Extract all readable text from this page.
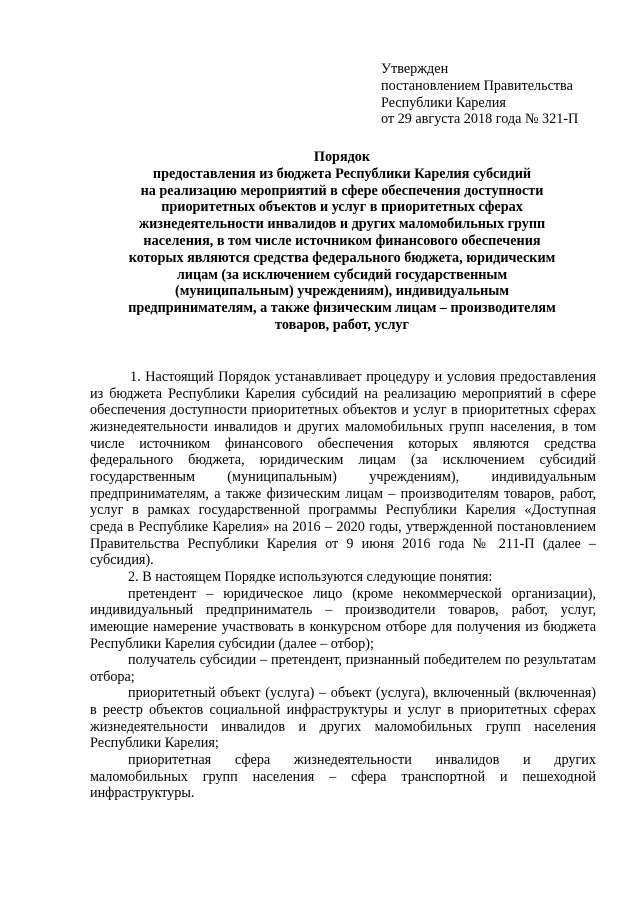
Утвержден
постановлением Правительства
Республики Карелия
от 29 августа 2018 года № 321-П
Порядок
предоставления из бюджета Республики Карелия субсидий
на реализацию мероприятий в сфере обеспечения доступности
приоритетных объектов и услуг в приоритетных сферах
жизнедеятельности инвалидов и других маломобильных групп
населения, в том числе источником финансового обеспечения
которых являются средства федерального бюджета, юридическим
лицам (за исключением субсидий государственным
(муниципальным) учреждениям), индивидуальным
предпринимателям, а также физическим лицам – производителям
товаров, работ, услуг

1. Настоящий Порядок устанавливает процедуру и условия предоставления из бюджета Республики Карелия субсидий на реализацию мероприятий в сфере обеспечения доступности приоритетных объектов и услуг в приоритетных сферах жизнедеятельности инвалидов и других маломобильных групп населения, в том числе источником финансового обеспечения которых являются средства федерального бюджета, юридическим лицам (за исключением субсидий государственным (муниципальным) учреждениям), индивидуальным предпринимателям, а также физическим лицам – производителям товаров, работ, услуг в рамках государственной программы Республики Карелия «Доступная среда в Республике Карелия» на 2016 – 2020 годы, утвержденной постановлением Правительства Республики Карелия от 9 июня 2016 года № 211-П (далее – субсидия).

2. В настоящем Порядке используются следующие понятия:

претендент – юридическое лицо (кроме некоммерческой организации), индивидуальный предприниматель – производители товаров, работ, услуг, имеющие намерение участвовать в конкурсном отборе для получения из бюджета Республики Карелия субсидии (далее – отбор);

получатель субсидии – претендент, признанный победителем по результатам отбора;

приоритетный объект (услуга) – объект (услуга), включенный (включенная) в реестр объектов социальной инфраструктуры и услуг в приоритетных сферах жизнедеятельности инвалидов и других маломобильных групп населения Республики Карелия;

приоритетная сфера жизнедеятельности инвалидов и других маломобильных групп населения – сфера транспортной и пешеходной инфраструктуры.
